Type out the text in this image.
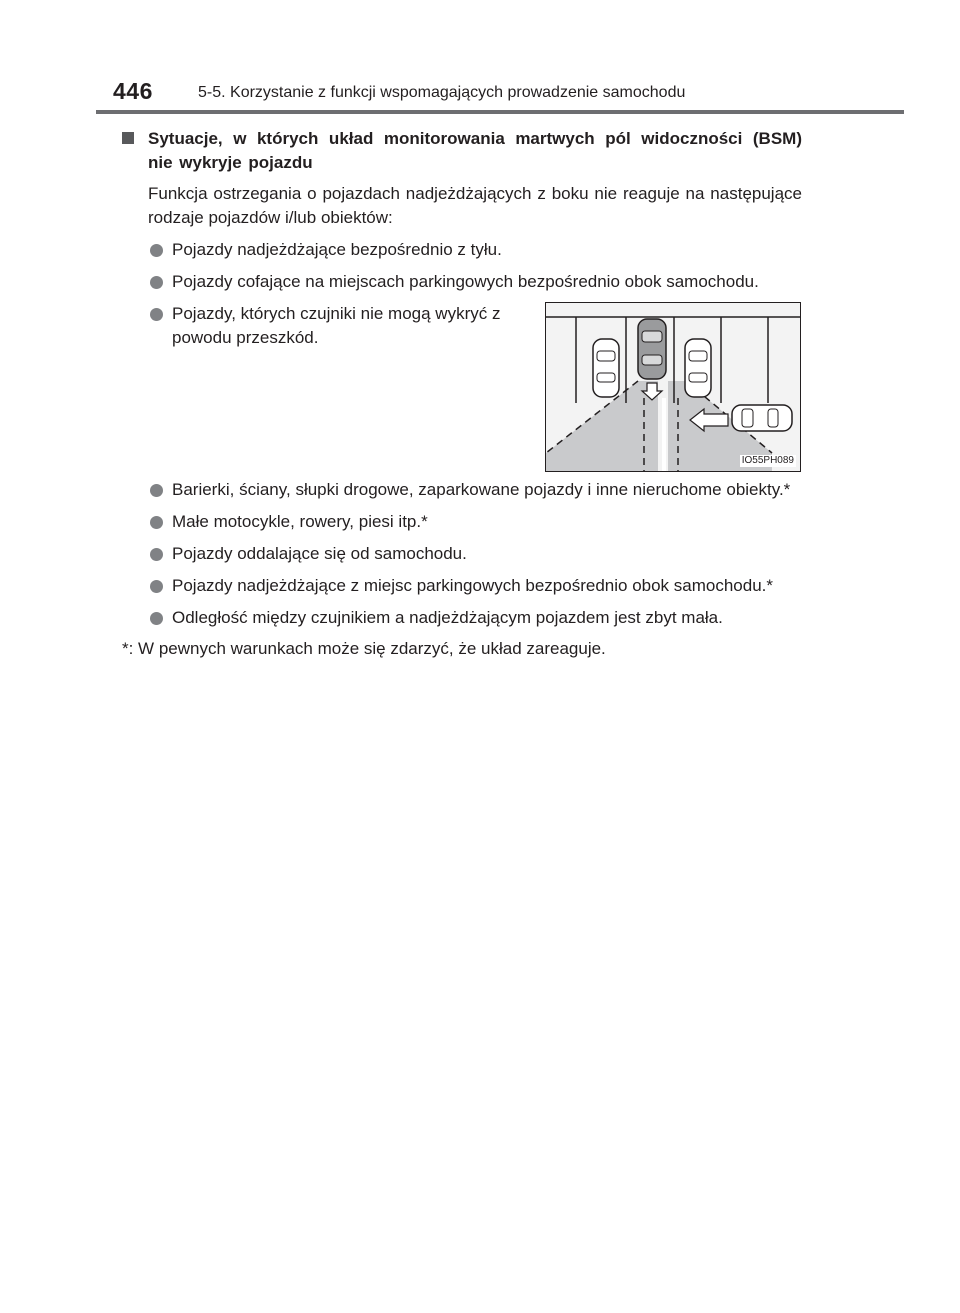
446	5-5. Korzystanie z funkcji wspomagających prowadzenie samochodu
Sytuacje, w których układ monitorowania martwych pól widoczności (BSM) nie wykryje pojazdu
Funkcja ostrzegania o pojazdach nadjeżdżających z boku nie reaguje na następujące rodzaje pojazdów i/lub obiektów:
Pojazdy nadjeżdżające bezpośrednio z tyłu.
Pojazdy cofające na miejscach parkingowych bezpośrednio obok samochodu.
Pojazdy, których czujniki nie mogą wykryć z powodu przeszkód.
IO55PH089
Barierki, ściany, słupki drogowe, zaparkowane pojazdy i inne nieruchome obiekty.*
Małe motocykle, rowery, piesi itp.*
Pojazdy oddalające się od samochodu.
Pojazdy nadjeżdżające z miejsc parkingowych bezpośrednio obok samochodu.*
Odległość między czujnikiem a nadjeżdżającym pojazdem jest zbyt mała.
*: W pewnych warunkach może się zdarzyć, że układ zareaguje.
